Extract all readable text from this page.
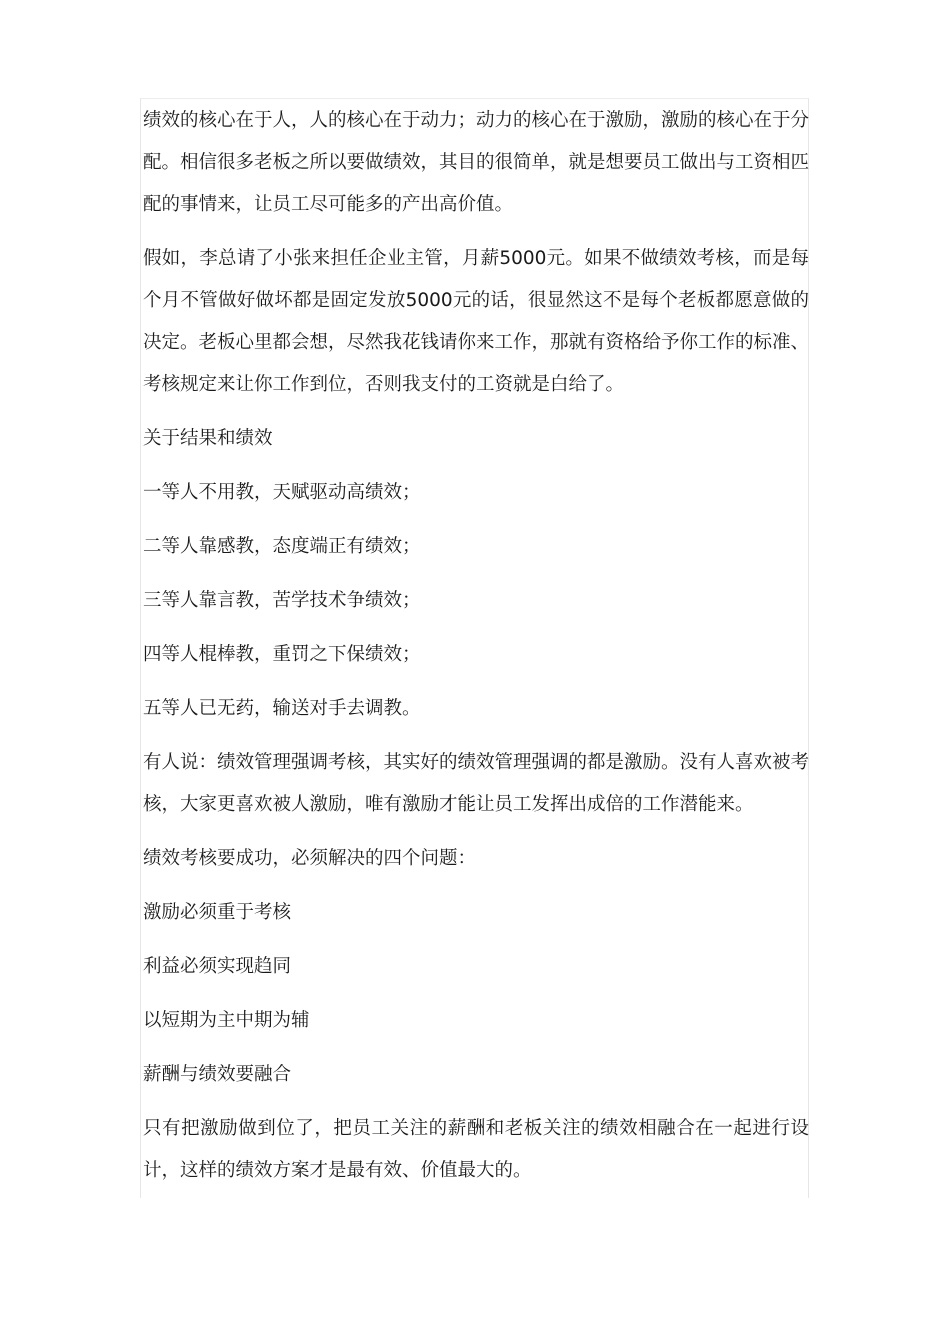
绩效的核心在于人，人的核心在于动力；动力的核心在于激励，激励的核心在于分配。相信很多老板之所以要做绩效，其目的很简单，就是想要员工做出与工资相匹配的事情来，让员工尽可能多的产出高价值。

假如，李总请了小张来担任企业主管，月薪5000元。如果不做绩效考核，而是每个月不管做好做坏都是固定发放5000元的话，很显然这不是每个老板都愿意做的决定。老板心里都会想，尽然我花钱请你来工作，那就有资格给予你工作的标准、考核规定来让你工作到位，否则我支付的工资就是白给了。

关于结果和绩效

一等人不用教，天赋驱动高绩效；

二等人靠感教，态度端正有绩效；

三等人靠言教，苦学技术争绩效；

四等人棍棒教，重罚之下保绩效；

五等人已无药，输送对手去调教。

有人说：绩效管理强调考核，其实好的绩效管理强调的都是激励。没有人喜欢被考核，大家更喜欢被人激励，唯有激励才能让员工发挥出成倍的工作潜能来。

绩效考核要成功，必须解决的四个问题：

激励必须重于考核

利益必须实现趋同

以短期为主中期为辅

薪酬与绩效要融合

只有把激励做到位了，把员工关注的薪酬和老板关注的绩效相融合在一起进行设计，这样的绩效方案才是最有效、价值最大的。
